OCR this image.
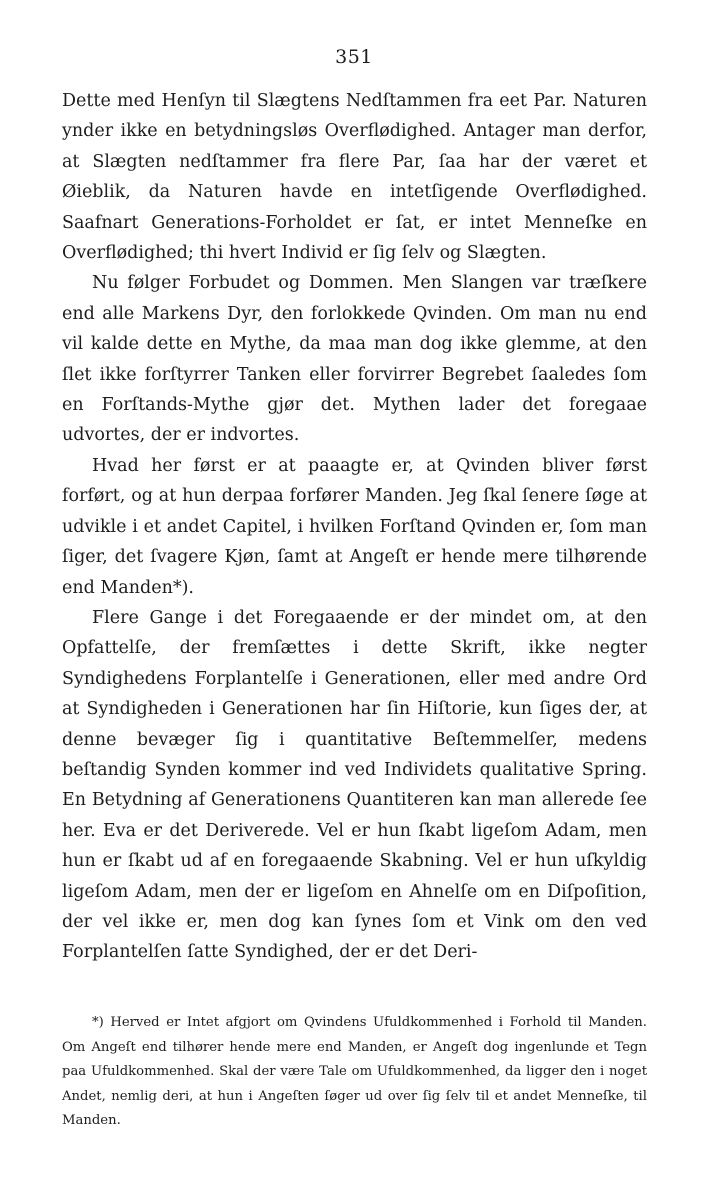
351

Dette med Henſyn til Slægtens Nedſtammen fra eet Par. Naturen ynder ikke en betydningsløs Overflødighed. Antager man derfor, at Slægten nedſtammer fra flere Par, ſaa har der været et Øieblik, da Naturen havde en intetſigende Overflødighed. Saafnart Generations-Forholdet er ſat, er intet Menneſke en Overflødighed; thi hvert Individ er ſig ſelv og Slægten.

Nu følger Forbudet og Dommen. Men Slangen var træſkere end alle Markens Dyr, den forlokkede Qvinden. Om man nu end vil kalde dette en Mythe, da maa man dog ikke glemme, at den ſlet ikke forſtyrrer Tanken eller forvirrer Begrebet ſaaledes ſom en Forſtands-Mythe gjør det. Mythen lader det foregaae udvortes, der er indvortes.

Hvad her først er at paaagte er, at Qvinden bliver først forført, og at hun derpaa forfører Manden. Jeg ſkal ſenere ſøge at udvikle i et andet Capitel, i hvilken Forſtand Qvinden er, ſom man ſiger, det ſvagere Kjøn, ſamt at Angeſt er hende mere tilhørende end Manden*).

Flere Gange i det Foregaaende er der mindet om, at den Opfattelſe, der fremſættes i dette Skrift, ikke negter Syndighedens Forplantelſe i Generationen, eller med andre Ord at Syndigheden i Generationen har ſin Hiſtorie, kun ſiges der, at denne bevæger ſig i quantitative Beſtemmelſer, medens beſtandig Synden kommer ind ved Individets qualitative Spring. En Betydning af Generationens Quantiteren kan man allerede ſee her. Eva er det Deriverede. Vel er hun ſkabt ligeſom Adam, men hun er ſkabt ud af en foregaaende Skabning. Vel er hun uſkyldig ligeſom Adam, men der er ligeſom en Ahnelſe om en Diſpoſition, der vel ikke er, men dog kan ſynes ſom et Vink om den ved Forplantelſen ſatte Syndighed, der er det Deri-

*) Herved er Intet afgjort om Qvindens Ufuldkommenhed i Forhold til Manden. Om Angeſt end tilhører hende mere end Manden, er Angeſt dog ingenlunde et Tegn paa Ufuldkommenhed. Skal der være Tale om Ufuldkommenhed, da ligger den i noget Andet, nemlig deri, at hun i Angeſten ſøger ud over ſig ſelv til et andet Menneſke, til Manden.
